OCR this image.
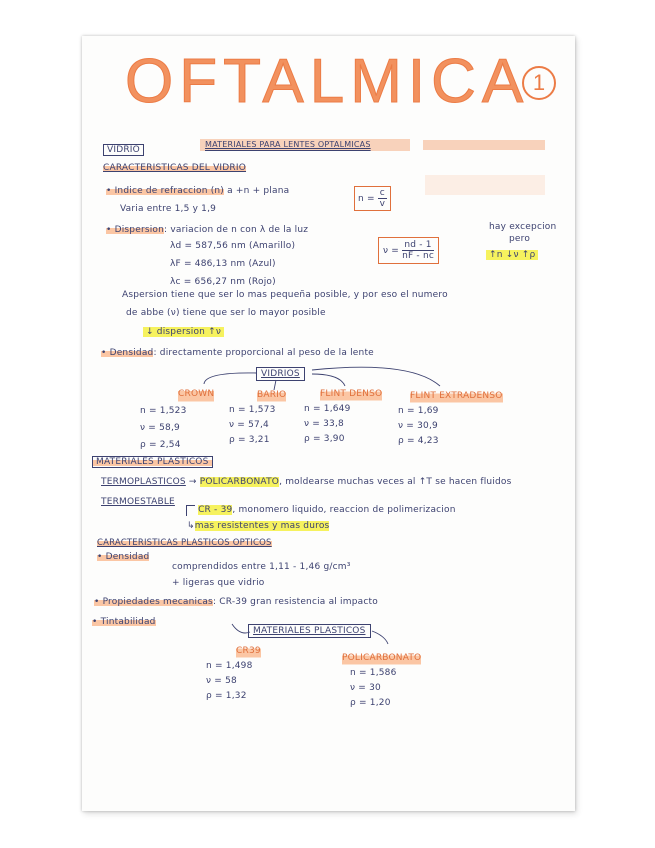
OFTALMICA 1
VIDRIO
MATERIALES PARA LENTES OPTALMICAS
CARACTERISTICAS DEL VIDRIO
• Indice de refraccion (n) a +n + plana
Varia entre 1,5 y 1,9
$n = \frac{c}{v}$
• Dispersion: variacion de n con λ de la luz
λd = 587,56 nm (Amarillo)
λF = 486,13 nm (Azul)
λc = 656,27 nm (Rojo)
$\nu = \frac{nd - 1}{nF - nc}$
hay excepcion
pero
↑n ↓ν ↑ρ
Aspersion tiene que ser lo mas pequeña posible, y por eso el numero
de abbe (ν) tiene que ser lo mayor posible
↓ dispersion ↑ν
• Densidad: directamente proporcional al peso de la lente
VIDRIOS
CROWN
n = 1,523
ν = 58,9
ρ = 2,54
BARIO
n = 1,573
ν = 57,4
ρ = 3,21
FLINT DENSO
n = 1,649
ν = 33,8
ρ = 3,90
FLINT EXTRADENSO
n = 1,69
ν = 30,9
ρ = 4,23
MATERIALES PLASTICOS
TERMOPLASTICOS → POLICARBONATO, moldearse muchas veces al ↑T se hacen fluidos
TERMOESTABLE
CR - 39, monomero liquido, reaccion de polimerizacion
↳mas resistentes y mas duros
CARACTERISTICAS PLASTICOS OPTICOS
• Densidad
comprendidos entre 1,11 - 1,46 g/cm³
+ ligeras que vidrio
• Propiedades mecanicas: CR-39 gran resistencia al impacto
• Tintabilidad
MATERIALES PLASTICOS
CR39
n = 1,498
ν = 58
ρ = 1,32
POLICARBONATO
n = 1,586
ν = 30
ρ = 1,20
